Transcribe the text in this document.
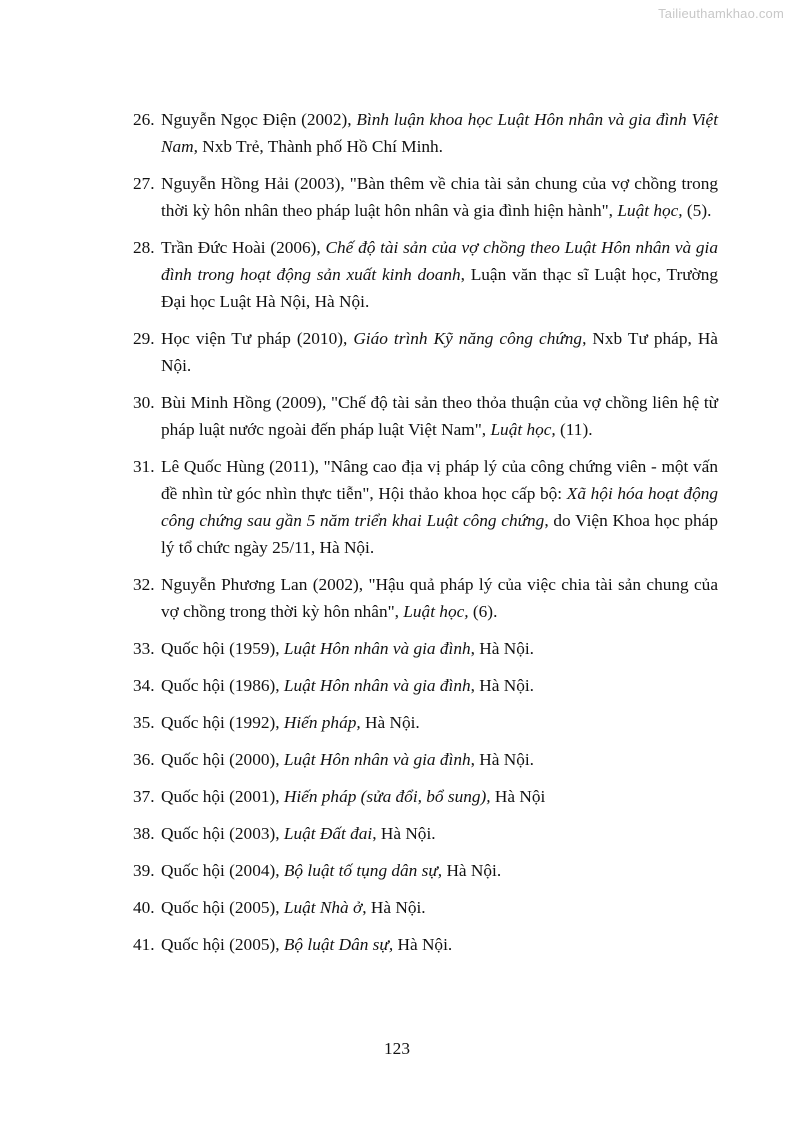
Tailieuthamkhao.com
26. Nguyễn Ngọc Điện (2002), Bình luận khoa học Luật Hôn nhân và gia đình Việt Nam, Nxb Trẻ, Thành phố Hồ Chí Minh.
27. Nguyễn Hồng Hải (2003), "Bàn thêm về chia tài sản chung của vợ chồng trong thời kỳ hôn nhân theo pháp luật hôn nhân và gia đình hiện hành", Luật học, (5).
28. Trần Đức Hoài (2006), Chế độ tài sản của vợ chồng theo Luật Hôn nhân và gia đình trong hoạt động sản xuất kinh doanh, Luận văn thạc sĩ Luật học, Trường Đại học Luật Hà Nội, Hà Nội.
29. Học viện Tư pháp (2010), Giáo trình Kỹ năng công chứng, Nxb Tư pháp, Hà Nội.
30. Bùi Minh Hồng (2009), "Chế độ tài sản theo thỏa thuận của vợ chồng liên hệ từ pháp luật nước ngoài đến pháp luật Việt Nam", Luật học, (11).
31. Lê Quốc Hùng (2011), "Nâng cao địa vị pháp lý của công chứng viên - một vấn đề nhìn từ góc nhìn thực tiễn", Hội thảo khoa học cấp bộ: Xã hội hóa hoạt động công chứng sau gần 5 năm triển khai Luật công chứng, do Viện Khoa học pháp lý tổ chức ngày 25/11, Hà Nội.
32. Nguyễn Phương Lan (2002), "Hậu quả pháp lý của việc chia tài sản chung của vợ chồng trong thời kỳ hôn nhân", Luật học, (6).
33. Quốc hội (1959), Luật Hôn nhân và gia đình, Hà Nội.
34. Quốc hội (1986), Luật Hôn nhân và gia đình, Hà Nội.
35. Quốc hội (1992), Hiến pháp, Hà Nội.
36. Quốc hội (2000), Luật Hôn nhân và gia đình, Hà Nội.
37. Quốc hội (2001), Hiến pháp (sửa đổi, bổ sung), Hà Nội
38. Quốc hội (2003), Luật Đất đai, Hà Nội.
39. Quốc hội (2004), Bộ luật tố tụng dân sự, Hà Nội.
40. Quốc hội (2005), Luật Nhà ở, Hà Nội.
41. Quốc hội (2005), Bộ luật Dân sự, Hà Nội.
123
